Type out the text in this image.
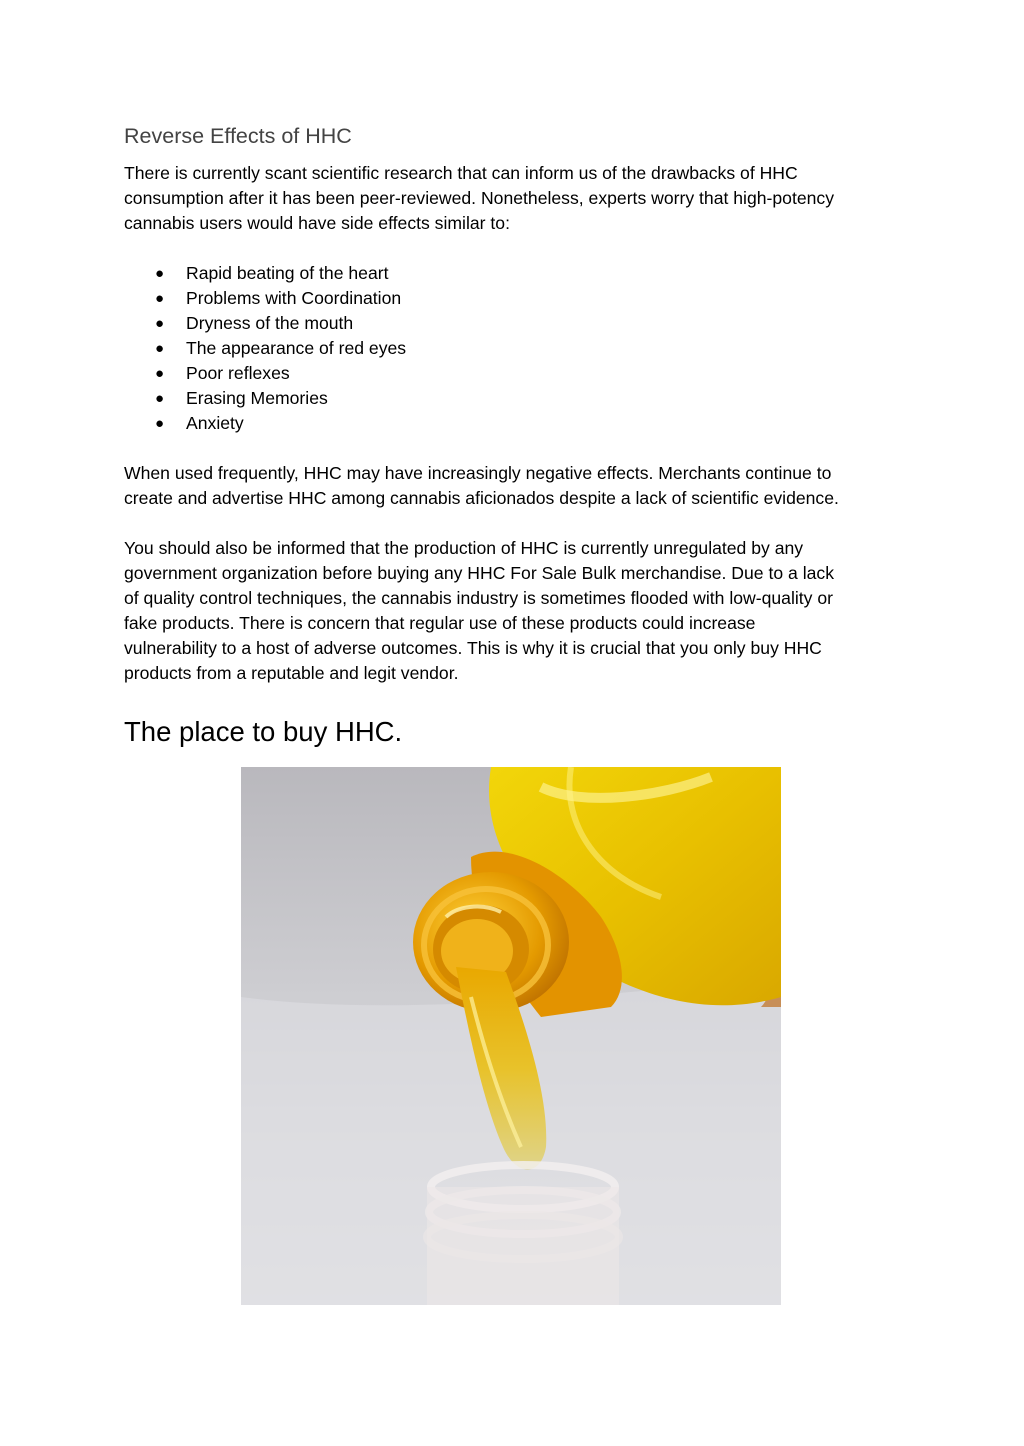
Reverse Effects of HHC

There is currently scant scientific research that can inform us of the drawbacks of HHC
consumption after it has been peer-reviewed. Nonetheless, experts worry that high-potency
cannabis users would have side effects similar to:

● Rapid beating of the heart
● Problems with Coordination
● Dryness of the mouth
● The appearance of red eyes
● Poor reflexes
● Erasing Memories
● Anxiety

When used frequently, HHC may have increasingly negative effects. Merchants continue to
create and advertise HHC among cannabis aficionados despite a lack of scientific evidence.

You should also be informed that the production of HHC is currently unregulated by any
government organization before buying any HHC For Sale Bulk merchandise. Due to a lack
of quality control techniques, the cannabis industry is sometimes flooded with low-quality or
fake products. There is concern that regular use of these products could increase
vulnerability to a host of adverse outcomes. This is why it is crucial that you only buy HHC
products from a reputable and legit vendor.

The place to buy HHC.
